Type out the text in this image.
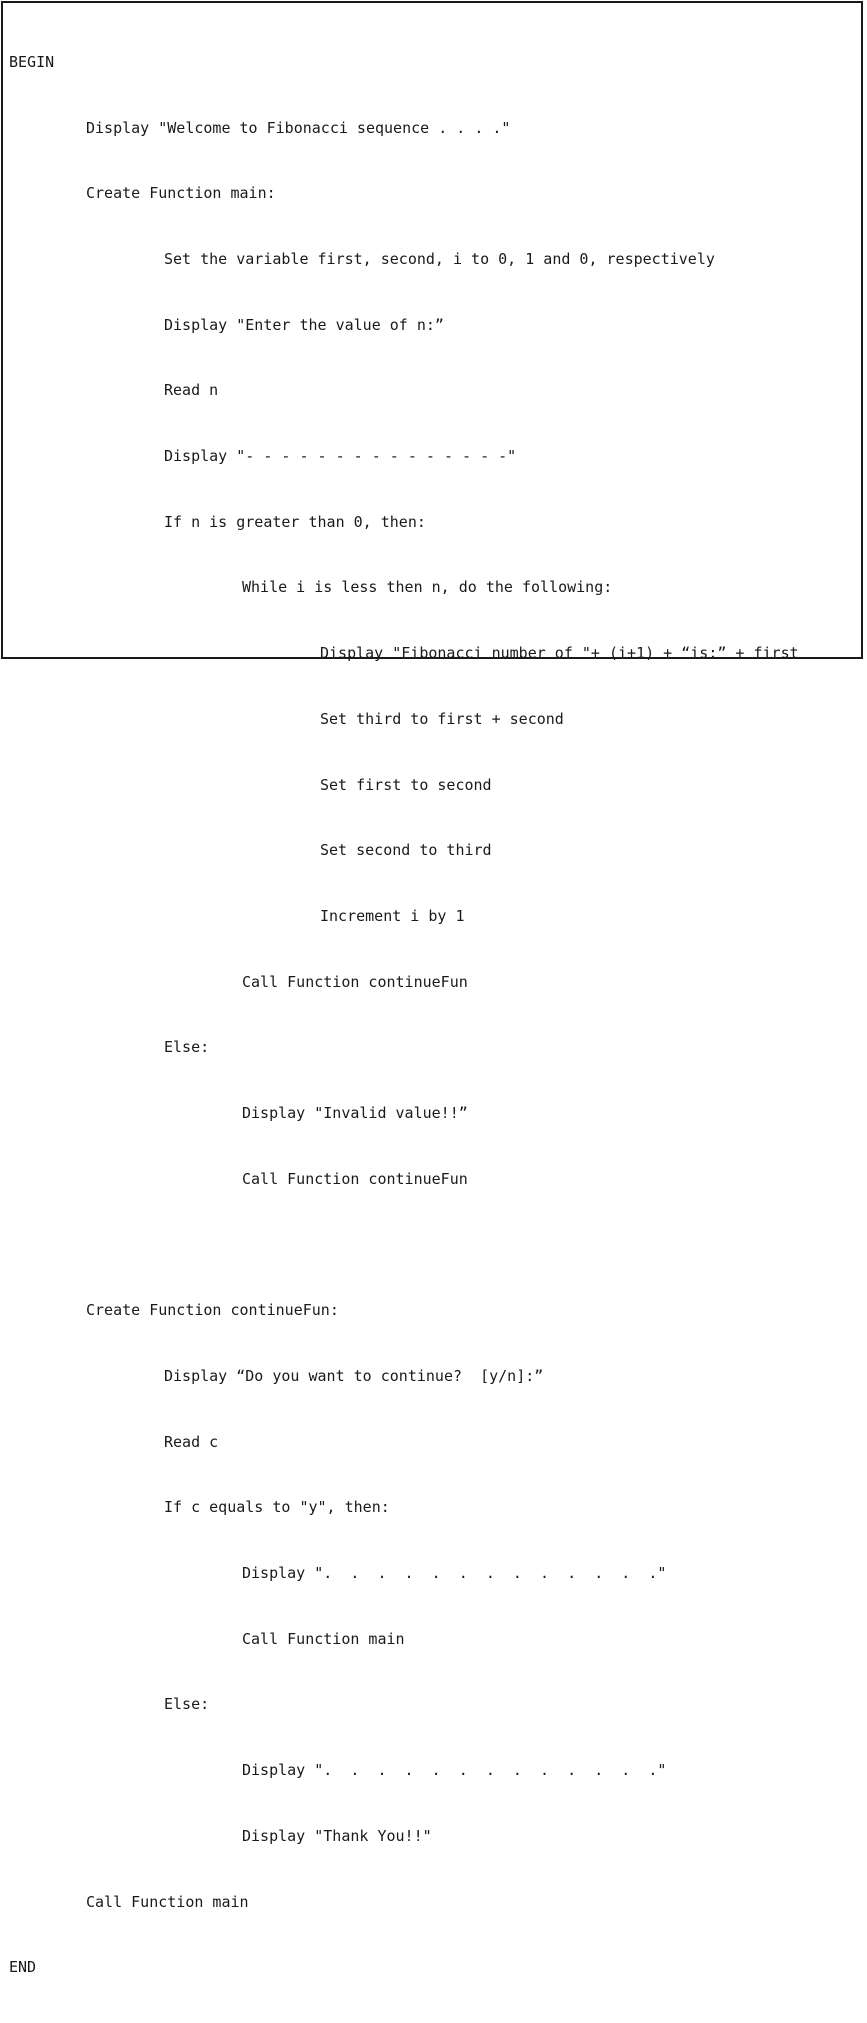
BEGIN

Display "Welcome to Fibonacci sequence . . . ."

Create Function main:

Set the variable first, second, i to 0, 1 and 0, respectively

Display "Enter the value of n:”

Read n

Display "- - - - - - - - - - - - - - -"

If n is greater than 0, then:

While i is less then n, do the following:

Display "Fibonacci number of "+ (i+1) + “is:” + first

Set third to first + second

Set first to second

Set second to third

Increment i by 1

Call Function continueFun

Else:

Display "Invalid value!!”

Call Function continueFun

Create Function continueFun:

Display “Do you want to continue?  [y/n]:”

Read c

If c equals to "y", then:

Display ".  .  .  .  .  .  .  .  .  .  .  .  ."

Call Function main

Else:

Display ".  .  .  .  .  .  .  .  .  .  .  .  ."

Display "Thank You!!"

Call Function main

END
